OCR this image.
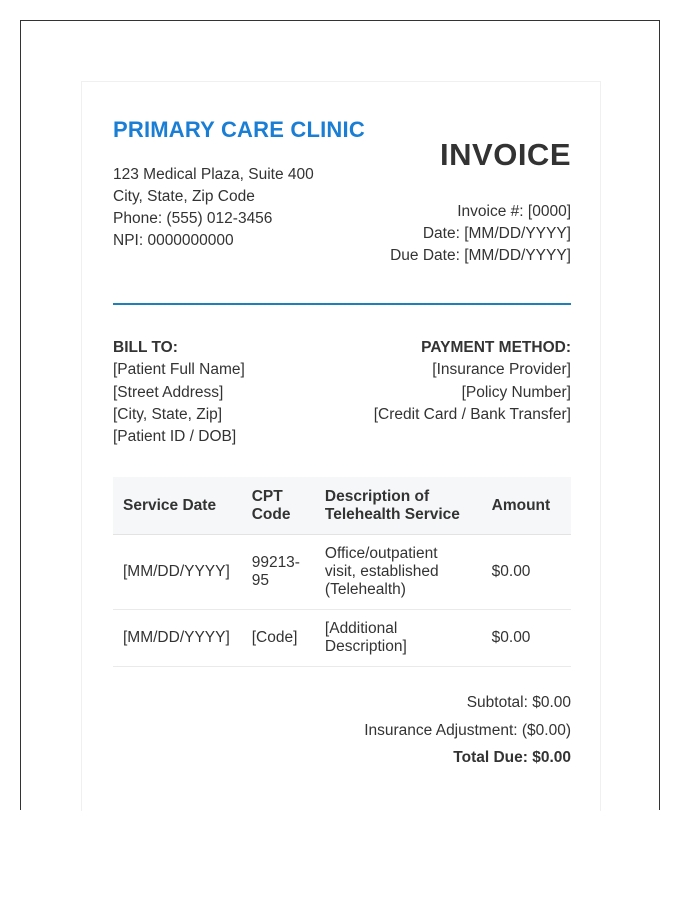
PRIMARY CARE CLINIC
123 Medical Plaza, Suite 400
City, State, Zip Code
Phone: (555) 012-3456
NPI: 0000000000
INVOICE
Invoice #: [0000]
Date: [MM/DD/YYYY]
Due Date: [MM/DD/YYYY]
BILL TO:
[Patient Full Name]
[Street Address]
[City, State, Zip]
[Patient ID / DOB]
PAYMENT METHOD:
[Insurance Provider]
[Policy Number]
[Credit Card / Bank Transfer]
Service Date	CPT Code	Description of Telehealth Service	Amount
[MM/DD/YYYY]	99213-95	Office/outpatient visit, established (Telehealth)	$0.00
[MM/DD/YYYY]	[Code]	[Additional Description]	$0.00
Subtotal: $0.00
Insurance Adjustment: ($0.00)
Total Due: $0.00
